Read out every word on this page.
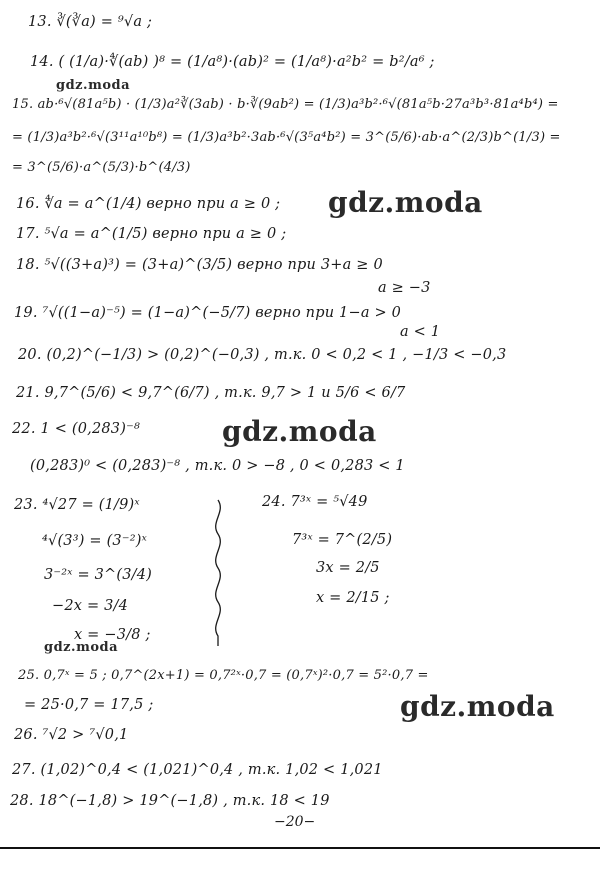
13. ∛(∛a) = ⁹√a ;
14. ( (1/a)·∜(ab) )⁸ = (1/a⁸)·(ab)² = (1/a⁸)·a²b² = b²/a⁶ ;
15. ab·⁶√(81a⁵b) · (1/3)a²∛(3ab) · b·∛(9ab²) = (1/3)a³b²·⁶√(81a⁵b·27a³b³·81a⁴b⁴) =
= (1/3)a³b²·⁶√(3¹¹a¹⁰b⁸) = (1/3)a³b²·3ab·⁶√(3⁵a⁴b²) = 3^(5/6)·ab·a^(2/3)b^(1/3) =
= 3^(5/6)·a^(5/3)·b^(4/3)
16. ∜a = a^(1/4) верно при a ≥ 0 ;
17. ⁵√a = a^(1/5) верно при a ≥ 0 ;
18. ⁵√((3+a)³) = (3+a)^(3/5) верно при 3+a ≥ 0
a ≥ −3
19. ⁷√((1−a)⁻⁵) = (1−a)^(−5/7) верно при 1−a > 0
a < 1
20. (0,2)^(−1/3) > (0,2)^(−0,3) , т.к. 0 < 0,2 < 1 , −1/3 < −0,3
21. 9,7^(5/6) < 9,7^(6/7) , т.к. 9,7 > 1 и 5/6 < 6/7
22. 1 < (0,283)⁻⁸
(0,283)⁰ < (0,283)⁻⁸ , т.к. 0 > −8 , 0 < 0,283 < 1
23. ⁴√27 = (1/9)ˣ
⁴√(3³) = (3⁻²)ˣ
3⁻²ˣ = 3^(3/4)
−2x = 3/4
x = −3/8 ;
24. 7³ˣ = ⁵√49
7³ˣ = 7^(2/5)
3x = 2/5
x = 2/15 ;
25. 0,7ˣ = 5 ; 0,7^(2x+1) = 0,7²ˣ·0,7 = (0,7ˣ)²·0,7 = 5²·0,7 =
= 25·0,7 = 17,5 ;
26. ⁷√2 > ⁷√0,1
27. (1,02)^0,4 < (1,021)^0,4 , т.к. 1,02 < 1,021
28. 18^(−1,8) > 19^(−1,8) , т.к. 18 < 19
gdz.moda
gdz.moda
gdz.moda
gdz.moda
gdz.moda
−20−
